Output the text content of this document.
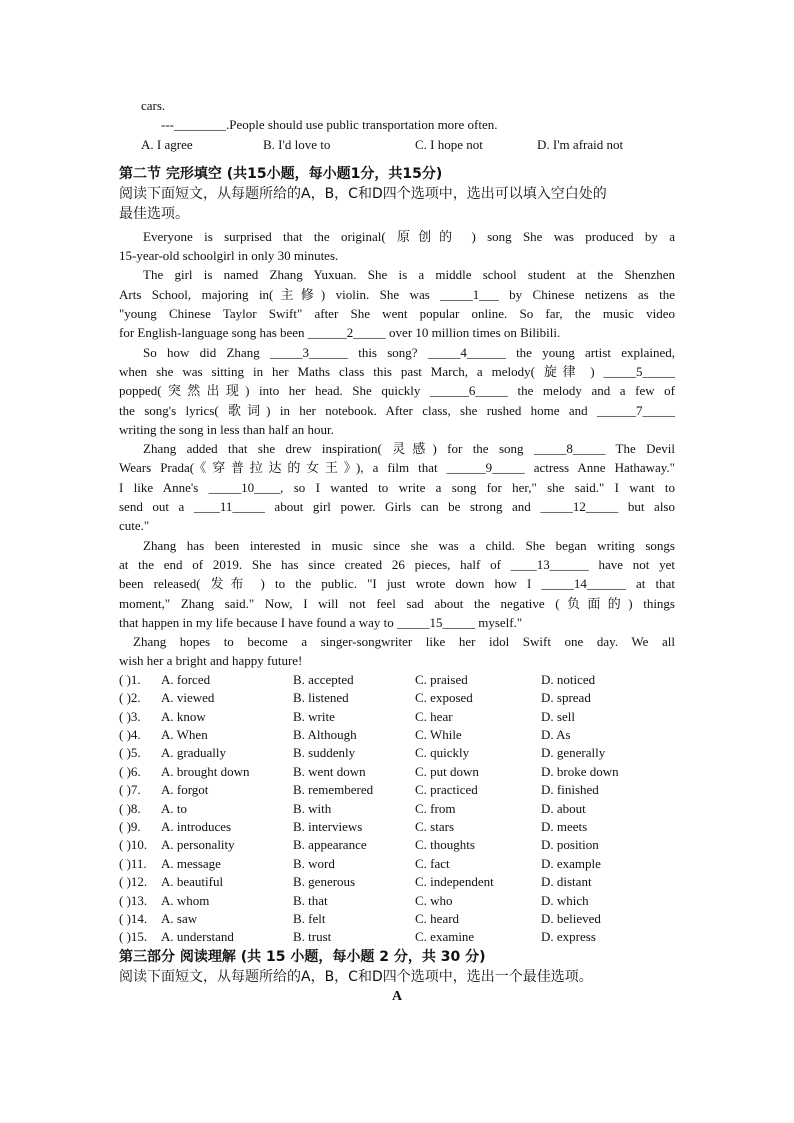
cars.
---________.People should use public transportation more often.
A. I agree	B. I'd love to	C. I hope not	D. I'm afraid not
第二节 完形填空 (共15小题，每小题1分，共15分)
阅读下面短文，从每题所给的A，B，C和D四个选项中，选出可以填入空白处的
最佳选项。
Everyone is surprised that the original( 原创的 ) song She was produced by a
15-year-old schoolgirl in only 30 minutes.
The girl is named Zhang Yuxuan. She is a middle school student at the Shenzhen
Arts School, majoring in(主修) violin. She was _____1___ by Chinese netizens as the
"young Chinese Taylor Swift" after She went popular online. So far, the music video
for English-language song has been ______2_____ over 10 million times on Bilibili.
So how did Zhang _____3______ this song? _____4______ the young artist explained,
when she was sitting in her Maths class this past March, a melody( 旋律 ) _____5_____
popped(突然出现) into her head. She quickly ______6_____ the melody and a few of
the song's lyrics( 歌词) in her notebook. After class, she rushed home and ______7_____
writing the song in less than half an hour.
Zhang added that she drew inspiration( 灵感) for the song _____8_____ The Devil
Wears Prada(《穿普拉达的女王》), a film that ______9_____ actress Anne Hathaway."
I like Anne's _____10____, so I wanted to write a song for her," she said." I want to
send out a ____11_____ about girl power. Girls can be strong and _____12_____ but also
cute."
Zhang has been interested in music since she was a child. She began writing songs
at the end of 2019. She has since created 26 pieces, half of ____13______ have not yet
been released( 发布 ) to the public. "I just wrote down how I _____14______ at that
moment," Zhang said." Now, I will not feel sad about the negative (负面的) things
that happen in my life because I have found a way to _____15_____ myself."
Zhang hopes to become a singer-songwriter like her idol Swift one day. We all
wish her a bright and happy future!
( )1.	A. forced	B. accepted	C. praised	D. noticed
( )2.	A. viewed	B. listened	C. exposed	D. spread
( )3.	A. know	B. write	C. hear	D. sell
( )4.	A. When	B. Although	C. While	D. As
( )5.	A. gradually	B. suddenly	C. quickly	D. generally
( )6.	A. brought down	B. went down	C. put down	D. broke down
( )7.	A. forgot	B. remembered	C. practiced	D. finished
( )8.	A. to	B. with	C. from	D. about
( )9.	A. introduces	B. interviews	C. stars	D. meets
( )10.	A. personality	B. appearance	C. thoughts	D. position
( )11.	A. message	B. word	C. fact	D. example
( )12.	A. beautiful	B. generous	C. independent	D. distant
( )13.	A. whom	B. that	C. who	D. which
( )14.	A. saw	B. felt	C. heard	D. believed
( )15.	A. understand	B. trust	C. examine	D. express
第三部分 阅读理解 (共 15 小题，每小题 2 分，共 30 分)
阅读下面短文，从每题所给的A，B，C和D四个选项中，选出一个最佳选项。
A
